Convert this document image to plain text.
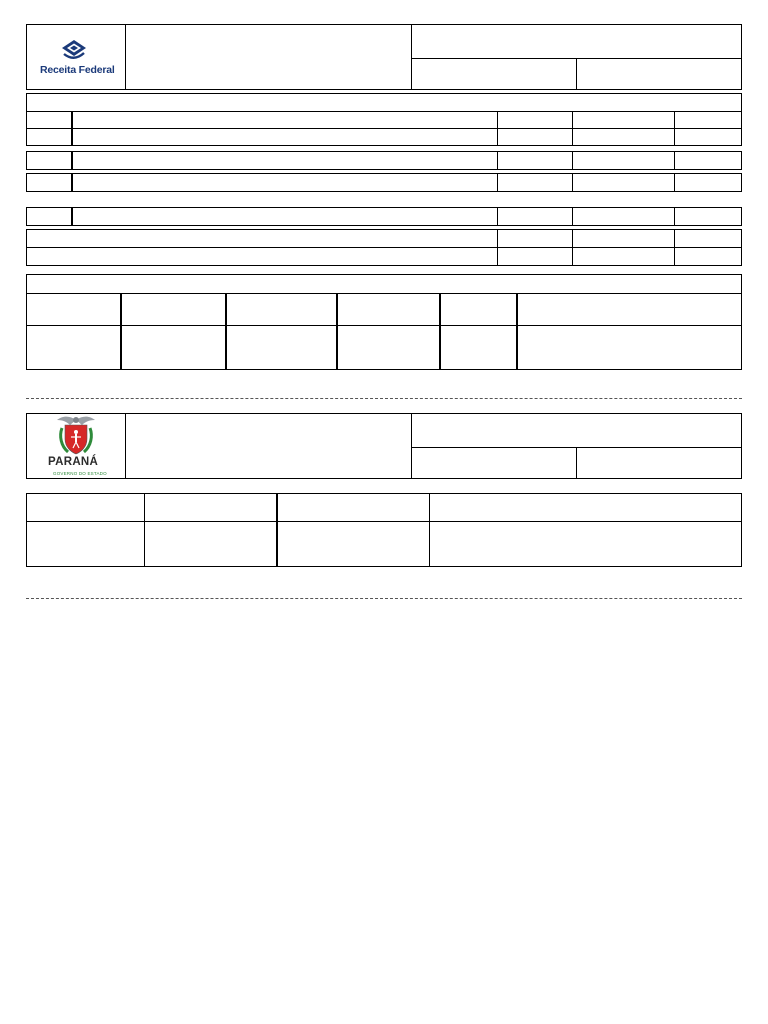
Receita Federal
PARANÁ
GOVERNO DO ESTADO
